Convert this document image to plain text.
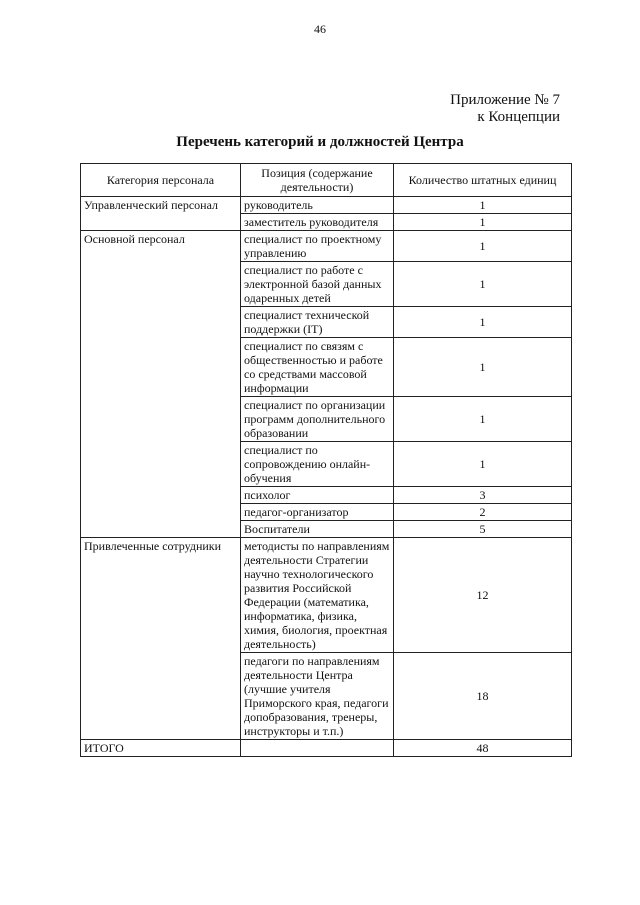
46
Приложение № 7
к Концепции
Перечень категорий и должностей Центра
Категория персонала	Позиция (содержание деятельности)	Количество штатных единиц
Управленческий персонал	руководитель	1
	заместитель руководителя	1
Основной персонал	специалист по проектному управлению	1
	специалист по работе с электронной базой данных одаренных детей	1
	специалист технической поддержки (IT)	1
	специалист по связям с общественностью и работе со средствами массовой информации	1
	специалист по организации программ дополнительного образовании	1
	специалист по сопровождению онлайн-обучения	1
	психолог	3
	педагог-организатор	2
	Воспитатели	5
Привлеченные сотрудники	методисты по направлениям деятельности Стратегии научно технологического развития Российской Федерации (математика, информатика, физика, химия, биология, проектная деятельность)	12
	педагоги по направлениям деятельности Центра (лучшие учителя Приморского края, педагоги допобразования, тренеры, инструкторы и т.п.)	18
ИТОГО		48
